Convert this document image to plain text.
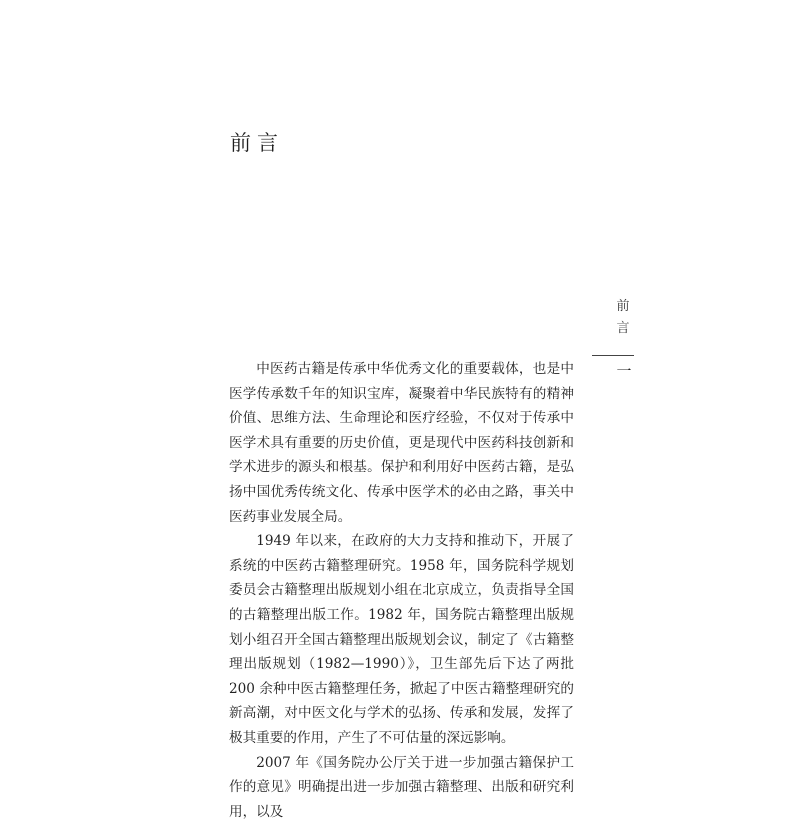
前言
前
言
一

中医药古籍是传承中华优秀文化的重要载体，也是中医学传承数千年的知识宝库，凝聚着中华民族特有的精神价值、思维方法、生命理论和医疗经验，不仅对于传承中医学术具有重要的历史价值，更是现代中医药科技创新和学术进步的源头和根基。保护和利用好中医药古籍，是弘扬中国优秀传统文化、传承中医学术的必由之路，事关中医药事业发展全局。

1949 年以来，在政府的大力支持和推动下，开展了系统的中医药古籍整理研究。1958 年，国务院科学规划委员会古籍整理出版规划小组在北京成立，负责指导全国的古籍整理出版工作。1982 年，国务院古籍整理出版规划小组召开全国古籍整理出版规划会议，制定了《古籍整理出版规划（1982—1990）》，卫生部先后下达了两批 200 余种中医古籍整理任务，掀起了中医古籍整理研究的新高潮，对中医文化与学术的弘扬、传承和发展，发挥了极其重要的作用，产生了不可估量的深远影响。

2007 年《国务院办公厅关于进一步加强古籍保护工作的意见》明确提出进一步加强古籍整理、出版和研究利用，以及
